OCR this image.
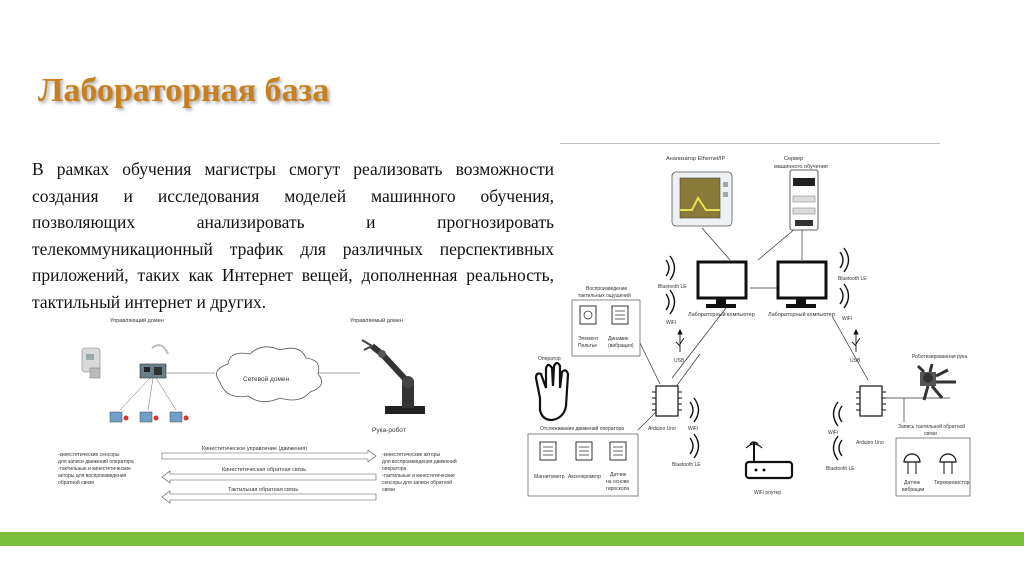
Лабораторная база

В рамках обучения магистры смогут реализовать возможности создания и исследования моделей машинного обучения, позволяющих анализировать и прогнозировать телекоммуникационный трафик для различных перспективных приложений, таких как Интернет вещей, дополненная реальность, тактильный интернет и других.

Управляющий домен	Управляемый домен
Сетевой домен
Рука-робот
Кинестетическое управление (движения)
Кинестетическая обратная связь
Тактильная обратная связь
-кинестетические сенсоры
для записи движений оператора
-тактильные и кинестетические
акторы для воспроизведения
обратной связи
-кинестетические акторы
для воспроизведения движений
оператора
-тактильные и кинестетические
сенсоры для записи обратной
связи
Анализатор Ethernet/IP	Сервер
машинного обучения
Лабораторный компьютер Лабораторный компьютер
Bluetooth LE
WiFi
Bluetooth LE
WiFi
WiFi
Bluetooth LE
WiFi
Bluetooth LE
USB	USB
Воспроизведение
тактильных ощущений
Элемент
Пельтье
Динамик
(вибрация)
Оператор
Arduino Uno
Отслеживание движений оператора
Магнитометр Акселерометр Датчик
на основе
гироскопа
WiFi роутер
Arduino Uno
Роботизированная рука
Запись тактильной обратной
связи
Датчик
вибрации
Терморезистор
